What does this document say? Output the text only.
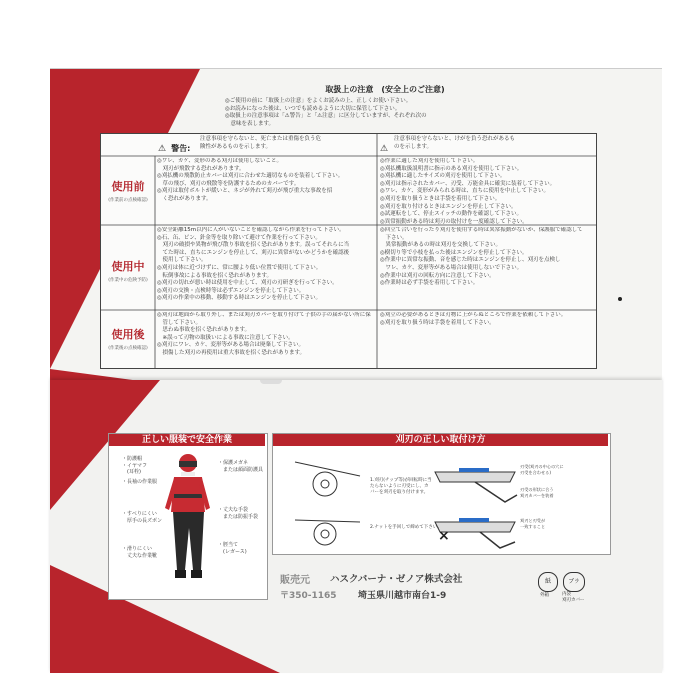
取扱上の注意　(安全上のご注意)
◎ご使用の前に「取扱上の注意」をよくお読みの上、正しくお使い下さい。
◎お読みになった後は、いつでも読めるように大切に保管して下さい。
◎取扱上の注意事項は「⚠警告」と「⚠注意」に区分していますが、それぞれ次の
　意味を表します。
⚠ 警告:
注意事項を守らないと、死亡または重傷を負う危
険性があるものを示します。	⚠
注意事項を守らないと、けがを負う恐れがあるも
のを示します。
使用前
(作業前の点検確認)
使用中
(作業中の危険予防)
使用後
(作業後の点検確認)
◎ワレ、カケ、変形のある刈刃は使用しないこと。
　刈刃が飛散する恐れがあります。
◎刈払機の飛散防止カバーは刈刃に合わせた適切なものを装着して下さい。
　草の飛び、刈刃の飛散等を防護するためのカバーです。
◎刈刃は取付ボルトが緩いと、ネジが外れて刈刃が飛び重大な事故を招
　く恐れがあります。
◎作業に適した刈刃を使用して下さい。
◎刈払機取扱説明書に指示のある刈刃を使用して下さい。
◎刈払機に適したサイズの刈刃を使用して下さい。
◎刈刃は指示されたカバー、刃受、万能金具に確実に装着して下さい。
◎ワレ、カケ、変形がみられる時は、直ちに使用を中止して下さい。
◎刈刃を取り扱うときは手袋を着用して下さい。
◎刈刃を取り付けるときはエンジンを停止して下さい。
◎試運転をして、停止スイッチの動作を確認して下さい。
◎異常振動がある時は刈刃の取付けを一度確認して下さい。
◎安全距離15m以内に人がいないことを確認しながら作業を行って下さい。
◎石、缶、ビン、針金等を取り除いて避けて作業を行って下さい。
　刈刃の破損や異物が飛び散り事故を招く恐れがあります。誤ってそれらに当
　てた時は、直ちにエンジンを停止して、刈刃に異常がないかどうかを確認後
　使用して下さい。
◎刈刃は体に近づけずに、常に腰より低い位置で使用して下さい。
　転倒事故による事故を招く恐れがあります。
◎刈刃の切れが悪い時は使用を中止して、刈刃の刃研ぎを行って下さい。
◎刈刃の交換・点検時等は必ずエンジンを停止して下さい。
◎刈刃の作業中の移動、移動する時はエンジンを停止して下さい。
◎回立て合いを行ったり刈刃を使用する時は異常振動がないか、保護服で確認して
　下さい。
　異常振動があるの時は刈刃を交換して下さい。
◎樹切り等で小枝を払った後はエンジンを停止して下さい。
◎作業中に異常な振動、音を感じた時はエンジンを停止し、刈刃を点検し
　ワレ、カケ、変形等がある場合は使用しないで下さい。
◎作業中は刈刃の回転方向に注意して下さい。
◎作業時は必ず手袋を着用して下さい。
◎刈刃は地面から取り外し、または刈刃カバーを取り付けて子供の手の届かない所に保
　管して下さい。
　思わぬ事故を招く恐れがあります。
　※誤って刃物の取扱いによる事故に注意して下さい。
◎刈刃にワレ、カケ、変形等がある場合は廃棄して下さい。
　損傷した刈刃の再使用は重大事故を招く恐れがあります。
◎刈立の必要があるときは刃物に上がらぬところで作業を依頼して下さい。
◎刈刃を取り扱う時は手袋を着用して下さい。
正しい服装で安全作業
・防護帽
・イヤマフ
　(耳栓)
・長袖の作業服
・すべりにくい
　厚手の長ズボン
・滑りにくい
　丈夫な作業靴
・保護メガネ
　または顔面防護具
・丈夫な手袋
　または防振手袋
・脛当て
　(レガース)
刈刃の正しい取付け方
1.刈刃(チップ等)が回転時に当たらないように刃受にし、カバーを刈刃を取り付けます。
2.ナットを手回しで締めて下さい。
×
刃受(刈刃の中心の穴に
刃受を合わせる)
刃受の形状に合う
刈刃カバーを装着
刈刃と刃受が
一致すること
販売元 ハスクバーナ・ゼノア株式会社
〒350-1165 埼玉県川越市南台1-9
紙
外箱
プラ
内袋
刈刃カバー
